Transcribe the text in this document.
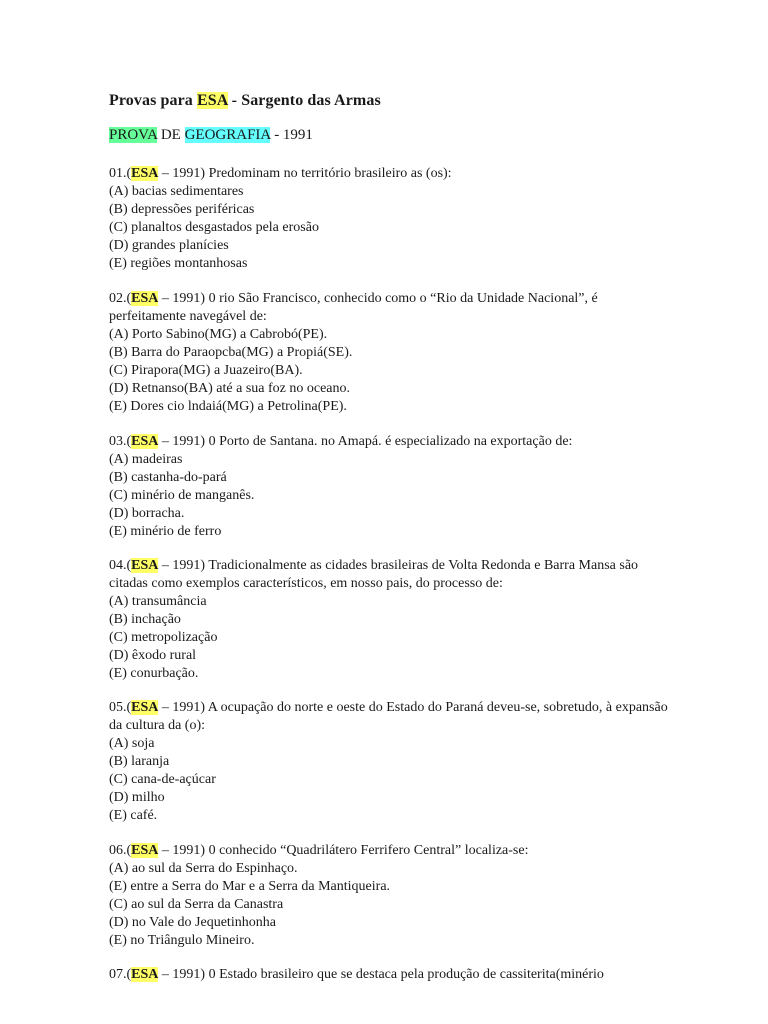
Provas para ESA - Sargento das Armas
PROVA DE GEOGRAFIA - 1991

01.(ESA – 1991) Predominam no território brasileiro as (os):

(A) bacias sedimentares

(B) depressões periféricas

(C) planaltos desgastados pela erosão

(D) grandes planícies

(E) regiões montanhosas

02.(ESA – 1991) 0 rio São Francisco, conhecido como o “Rio da Unidade Nacional”, é perfeitamente navegável de:

(A) Porto Sabino(MG) a Cabrobó(PE).

(B) Barra do Paraopcba(MG) a Propiá(SE).

(C) Pirapora(MG) a Juazeiro(BA).

(D) Retnanso(BA) até a sua foz no oceano.

(E) Dores cio lndaiá(MG) a Petrolina(PE).

03.(ESA – 1991) 0 Porto de Santana. no Amapá. é especializado na exportação de:

(A) madeiras

(B) castanha-do-pará

(C) minério de manganês.

(D) borracha.

(E) minério de ferro

04.(ESA – 1991) Tradicionalmente as cidades brasileiras de Volta Redonda e Barra Mansa são citadas como exemplos característicos, em nosso pais, do processo de:

(A) transumância

(B) inchação

(C) metropolização

(D) êxodo rural

(E) conurbação.

05.(ESA – 1991) A ocupação do norte e oeste do Estado do Paraná deveu-se, sobretudo, à expansão da cultura da (o):

(A) soja

(B) laranja

(C) cana-de-açúcar

(D) milho

(E) café.

06.(ESA – 1991) 0 conhecido “Quadrilátero Ferrifero Central” localiza-se:

(A) ao sul da Serra do Espinhaço.

(E) entre a Serra do Mar e a Serra da Mantiqueira.

(C) ao sul da Serra da Canastra

(D) no Vale do Jequetinhonha

(E) no Triângulo Mineiro.

07.(ESA – 1991) 0 Estado brasileiro que se destaca pela produção de cassiterita(minério
